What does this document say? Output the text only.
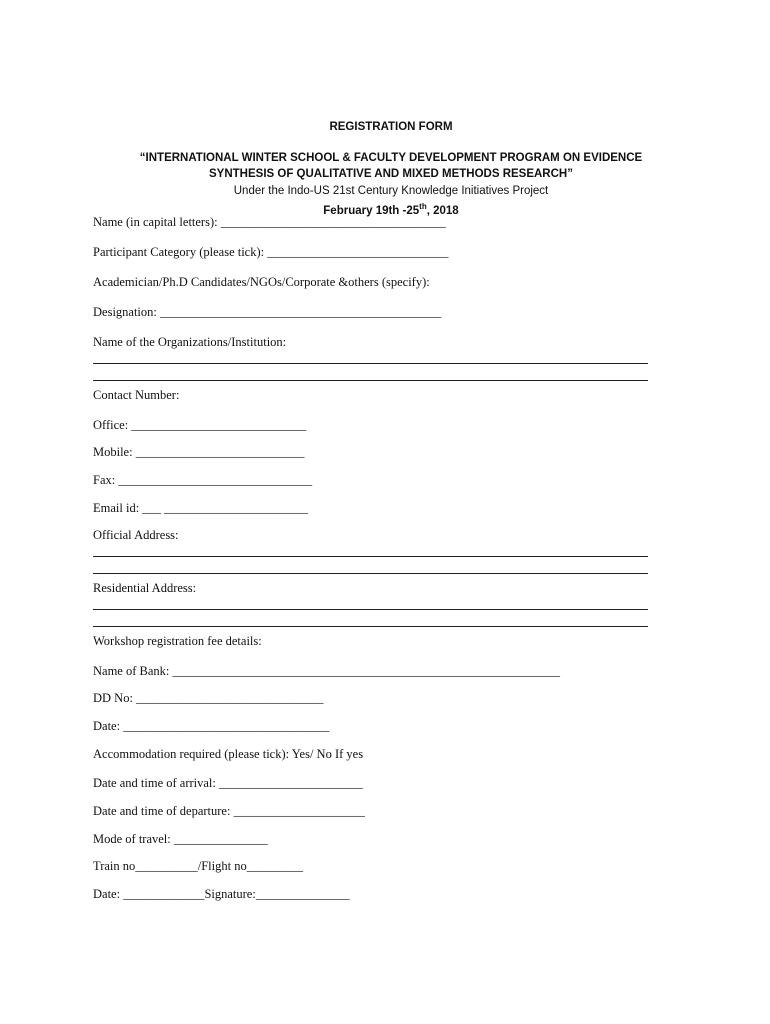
REGISTRATION FORM
“INTERNATIONAL WINTER SCHOOL & FACULTY DEVELOPMENT PROGRAM ON EVIDENCE
SYNTHESIS OF QUALITATIVE AND MIXED METHODS RESEARCH”
Under the Indo-US 21st Century Knowledge Initiatives Project
February 19th -25th, 2018
Name (in capital letters): ____________________________________
Participant Category (please tick): _____________________________
Academician/Ph.D Candidates/NGOs/Corporate &others (specify):
Designation: _____________________________________________
Name of the Organizations/Institution:
Contact Number:
Office: ____________________________
Mobile: ___________________________
Fax: _______________________________
Email id: ___ _______________________
Official Address:
Residential Address:
Workshop registration fee details:
Name of Bank: ______________________________________________________________
DD No: ______________________________
Date: _________________________________
Accommodation required (please tick): Yes/ No If yes
Date and time of arrival: _______________________
Date and time of departure: _____________________
Mode of travel: _______________
Train no__________/Flight no_________
Date: _____________Signature:_______________
